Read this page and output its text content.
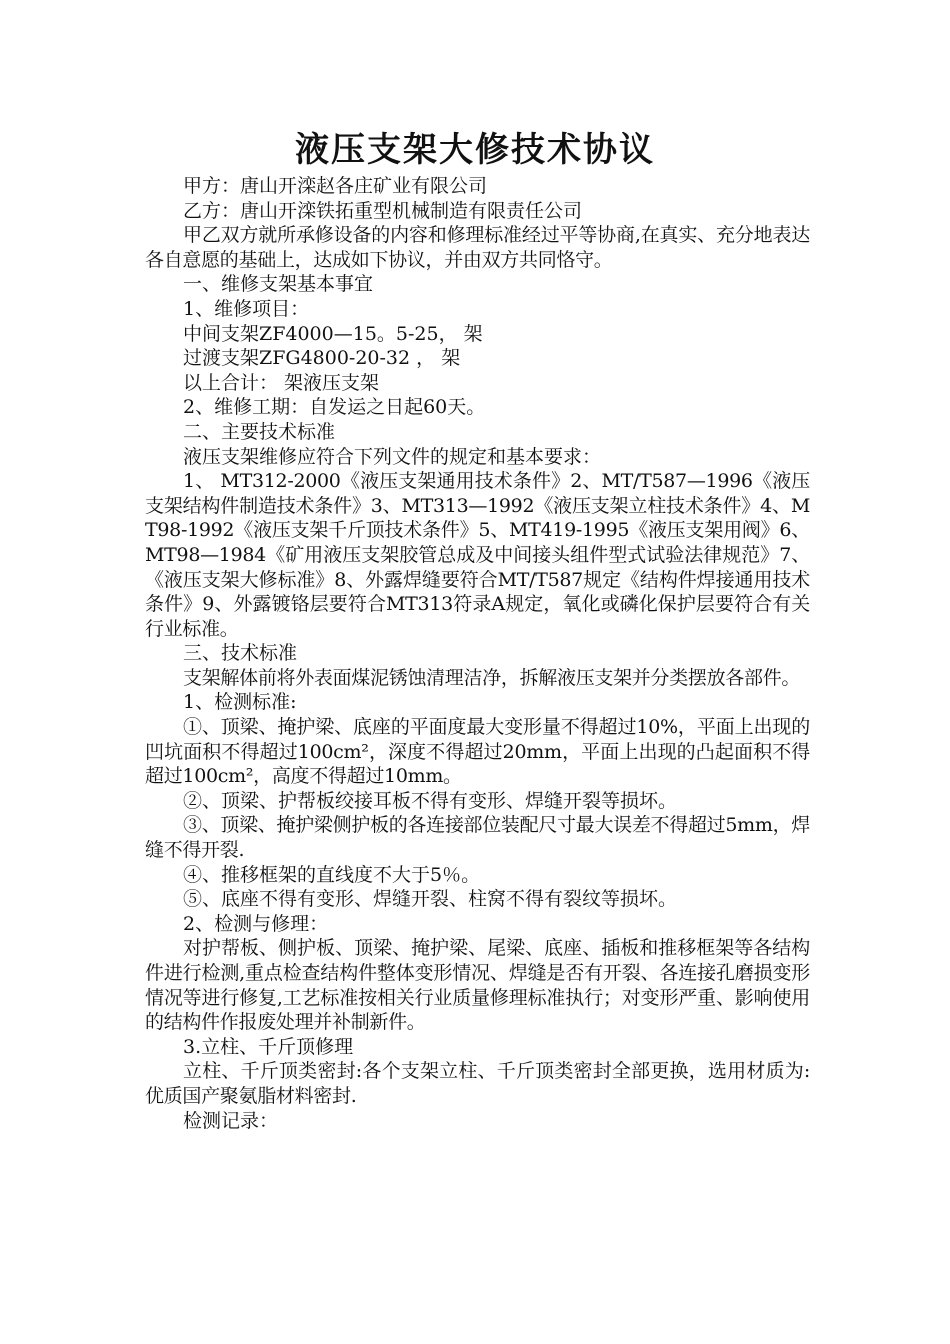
液压支架大修技术协议

甲方：唐山开滦赵各庄矿业有限公司

乙方：唐山开滦铁拓重型机械制造有限责任公司

甲乙双方就所承修设备的内容和修理标准经过平等协商,在真实、充分地表达各自意愿的基础上，达成如下协议，并由双方共同恪守。

一、维修支架基本事宜

1、维修项目：

中间支架ZF4000—15。5-25， 架

过渡支架ZFG4800-20-32 ， 架

以上合计： 架液压支架

2、维修工期：自发运之日起60天。

二、主要技术标准

液压支架维修应符合下列文件的规定和基本要求：

1、 MT312-2000《液压支架通用技术条件》2、MT/T587—1996《液压支架结构件制造技术条件》3、MT313—1992《液压支架立柱技术条件》4、MT98-1992《液压支架千斤顶技术条件》5、MT419-1995《液压支架用阀》6、MT98—1984《矿用液压支架胶管总成及中间接头组件型式试验法律规范》7、《液压支架大修标准》8、外露焊缝要符合MT/T587规定《结构件焊接通用技术条件》9、外露镀铬层要符合MT313符录A规定，氧化或磷化保护层要符合有关行业标准。

三、技术标准

支架解体前将外表面煤泥锈蚀清理洁净，拆解液压支架并分类摆放各部件。

1、检测标准:

①、顶梁、掩护梁、底座的平面度最大变形量不得超过10%，平面上出现的凹坑面积不得超过100cm²，深度不得超过20mm，平面上出现的凸起面积不得超过100cm²，高度不得超过10mm。

②、顶梁、护帮板绞接耳板不得有变形、焊缝开裂等损坏。

③、顶梁、掩护梁侧护板的各连接部位装配尺寸最大误差不得超过5mm，焊缝不得开裂.

④、推移框架的直线度不大于5％。

⑤、底座不得有变形、焊缝开裂、柱窝不得有裂纹等损坏。

2、检测与修理：

对护帮板、侧护板、顶梁、掩护梁、尾梁、底座、插板和推移框架等各结构件进行检测,重点检查结构件整体变形情况、焊缝是否有开裂、各连接孔磨损变形情况等进行修复,工艺标准按相关行业质量修理标准执行；对变形严重、影响使用的结构件作报废处理并补制新件。

3.立柱、千斤顶修理

立柱、千斤顶类密封:各个支架立柱、千斤顶类密封全部更换，选用材质为:优质国产聚氨脂材料密封.

检测记录：
